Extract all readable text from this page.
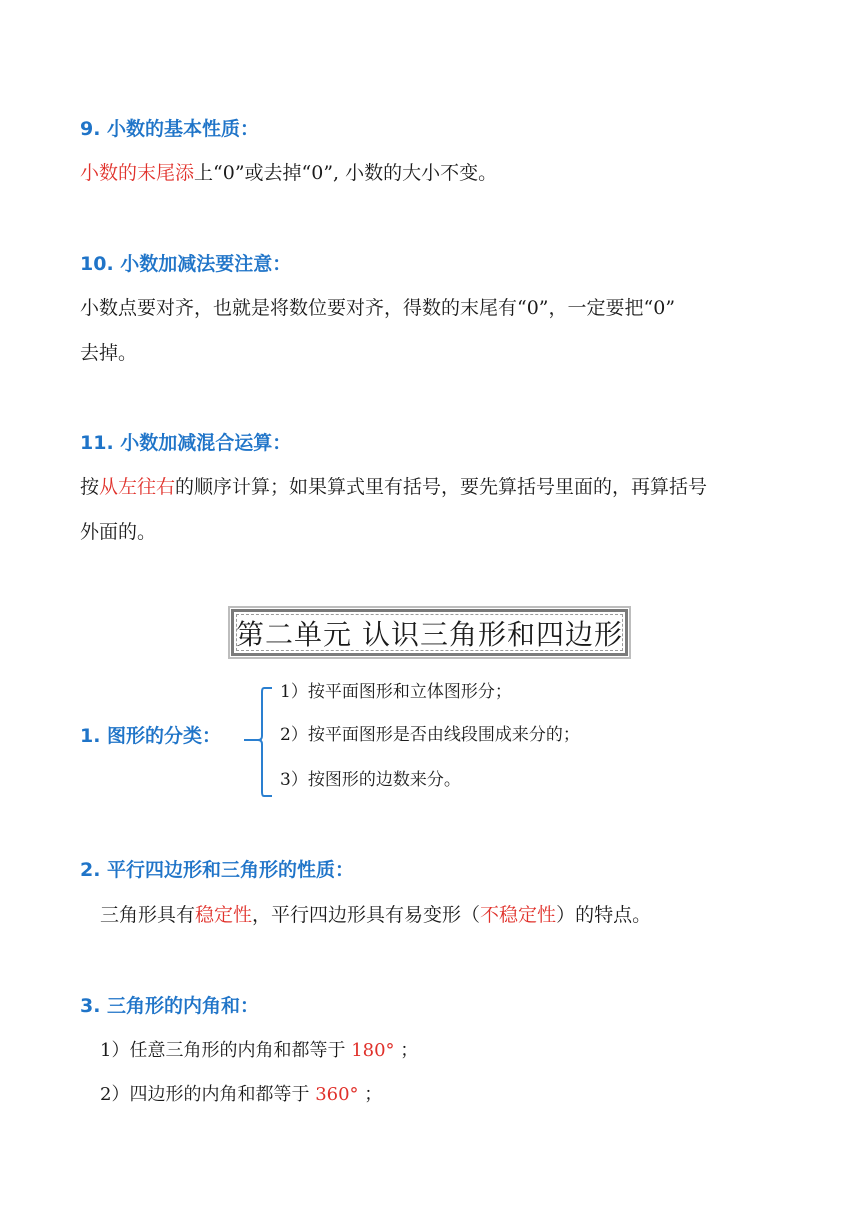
9. 小数的基本性质：
小数的末尾添上“0”或去掉“0”, 小数的大小不变。
10. 小数加减法要注意：
小数点要对齐，也就是将数位要对齐，得数的末尾有“0”，一定要把“0”
去掉。
11. 小数加减混合运算：
按从左往右的顺序计算；如果算式里有括号，要先算括号里面的，再算括号
外面的。
第二单元 认识三角形和四边形
1. 图形的分类：
1）按平面图形和立体图形分；
2）按平面图形是否由线段围成来分的；
3）按图形的边数来分。
2. 平行四边形和三角形的性质：
三角形具有稳定性，平行四边形具有易变形（不稳定性）的特点。
3. 三角形的内角和：
1）任意三角形的内角和都等于 180° ；
2）四边形的内角和都等于 360° ；
